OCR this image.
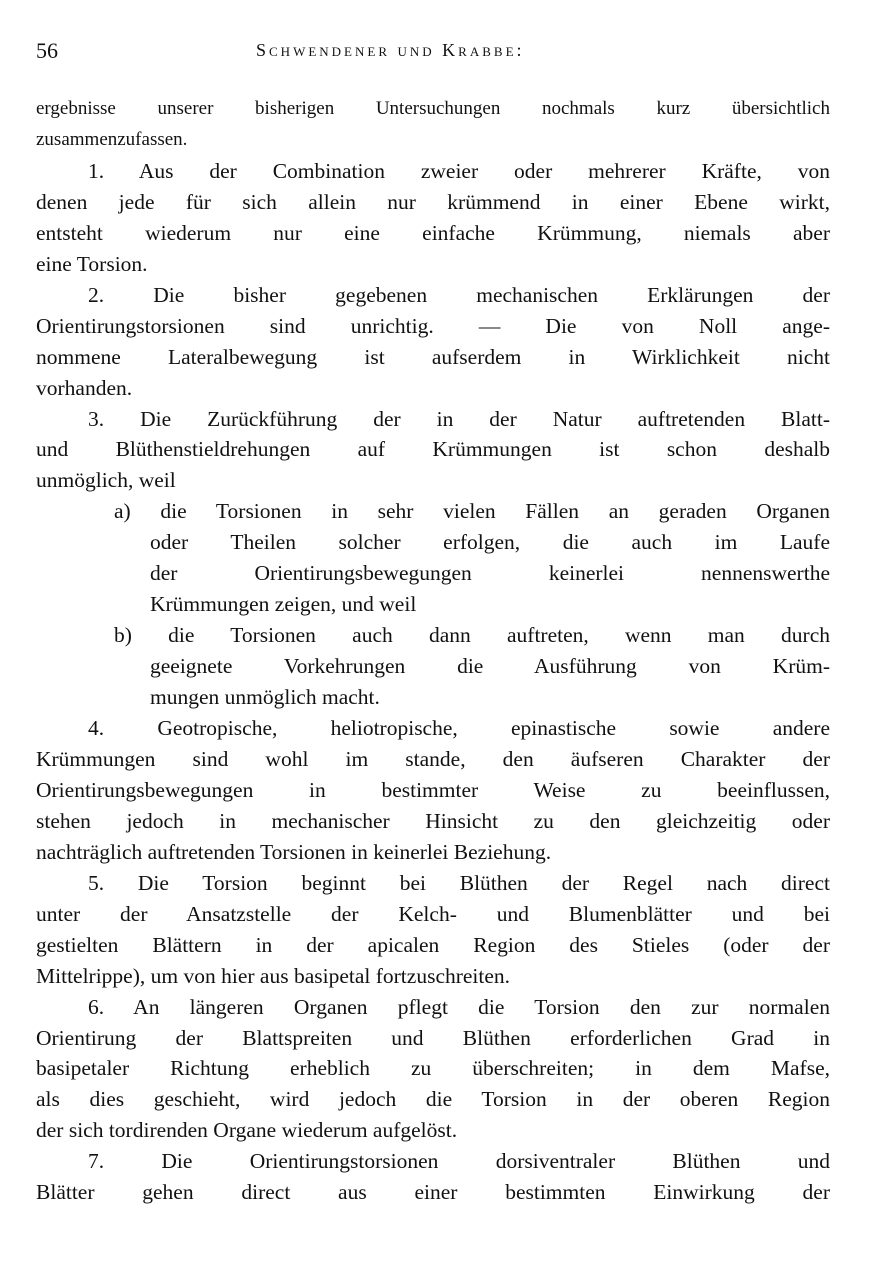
56	Schwendener und Krabbe:
ergebnisse unserer bisherigen Untersuchungen nochmals kurz übersichtlich
zusammenzufassen.
1. Aus der Combination zweier oder mehrerer Kräfte, von
denen jede für sich allein nur krümmend in einer Ebene wirkt,
entsteht wiederum nur eine einfache Krümmung, niemals aber
eine Torsion.
2. Die bisher gegebenen mechanischen Erklärungen der
Orientirungstorsionen sind unrichtig. — Die von Noll ange-
nommene Lateralbewegung ist aufserdem in Wirklichkeit nicht
vorhanden.
3. Die Zurückführung der in der Natur auftretenden Blatt-
und Blüthenstieldrehungen auf Krümmungen ist schon deshalb
unmöglich, weil
a) die Torsionen in sehr vielen Fällen an geraden Organen
oder Theilen solcher erfolgen, die auch im Laufe
der Orientirungsbewegungen keinerlei nennenswerthe
Krümmungen zeigen, und weil
b) die Torsionen auch dann auftreten, wenn man durch
geeignete Vorkehrungen die Ausführung von Krüm-
mungen unmöglich macht.
4. Geotropische, heliotropische, epinastische sowie andere
Krümmungen sind wohl im stande, den äufseren Charakter der
Orientirungsbewegungen in bestimmter Weise zu beeinflussen,
stehen jedoch in mechanischer Hinsicht zu den gleichzeitig oder
nachträglich auftretenden Torsionen in keinerlei Beziehung.
5. Die Torsion beginnt bei Blüthen der Regel nach direct
unter der Ansatzstelle der Kelch- und Blumenblätter und bei
gestielten Blättern in der apicalen Region des Stieles (oder der
Mittelrippe), um von hier aus basipetal fortzuschreiten.
6. An längeren Organen pflegt die Torsion den zur normalen
Orientirung der Blattspreiten und Blüthen erforderlichen Grad in
basipetaler Richtung erheblich zu überschreiten; in dem Mafse,
als dies geschieht, wird jedoch die Torsion in der oberen Region
der sich tordirenden Organe wiederum aufgelöst.
7. Die Orientirungstorsionen dorsiventraler Blüthen und
Blätter gehen direct aus einer bestimmten Einwirkung der
